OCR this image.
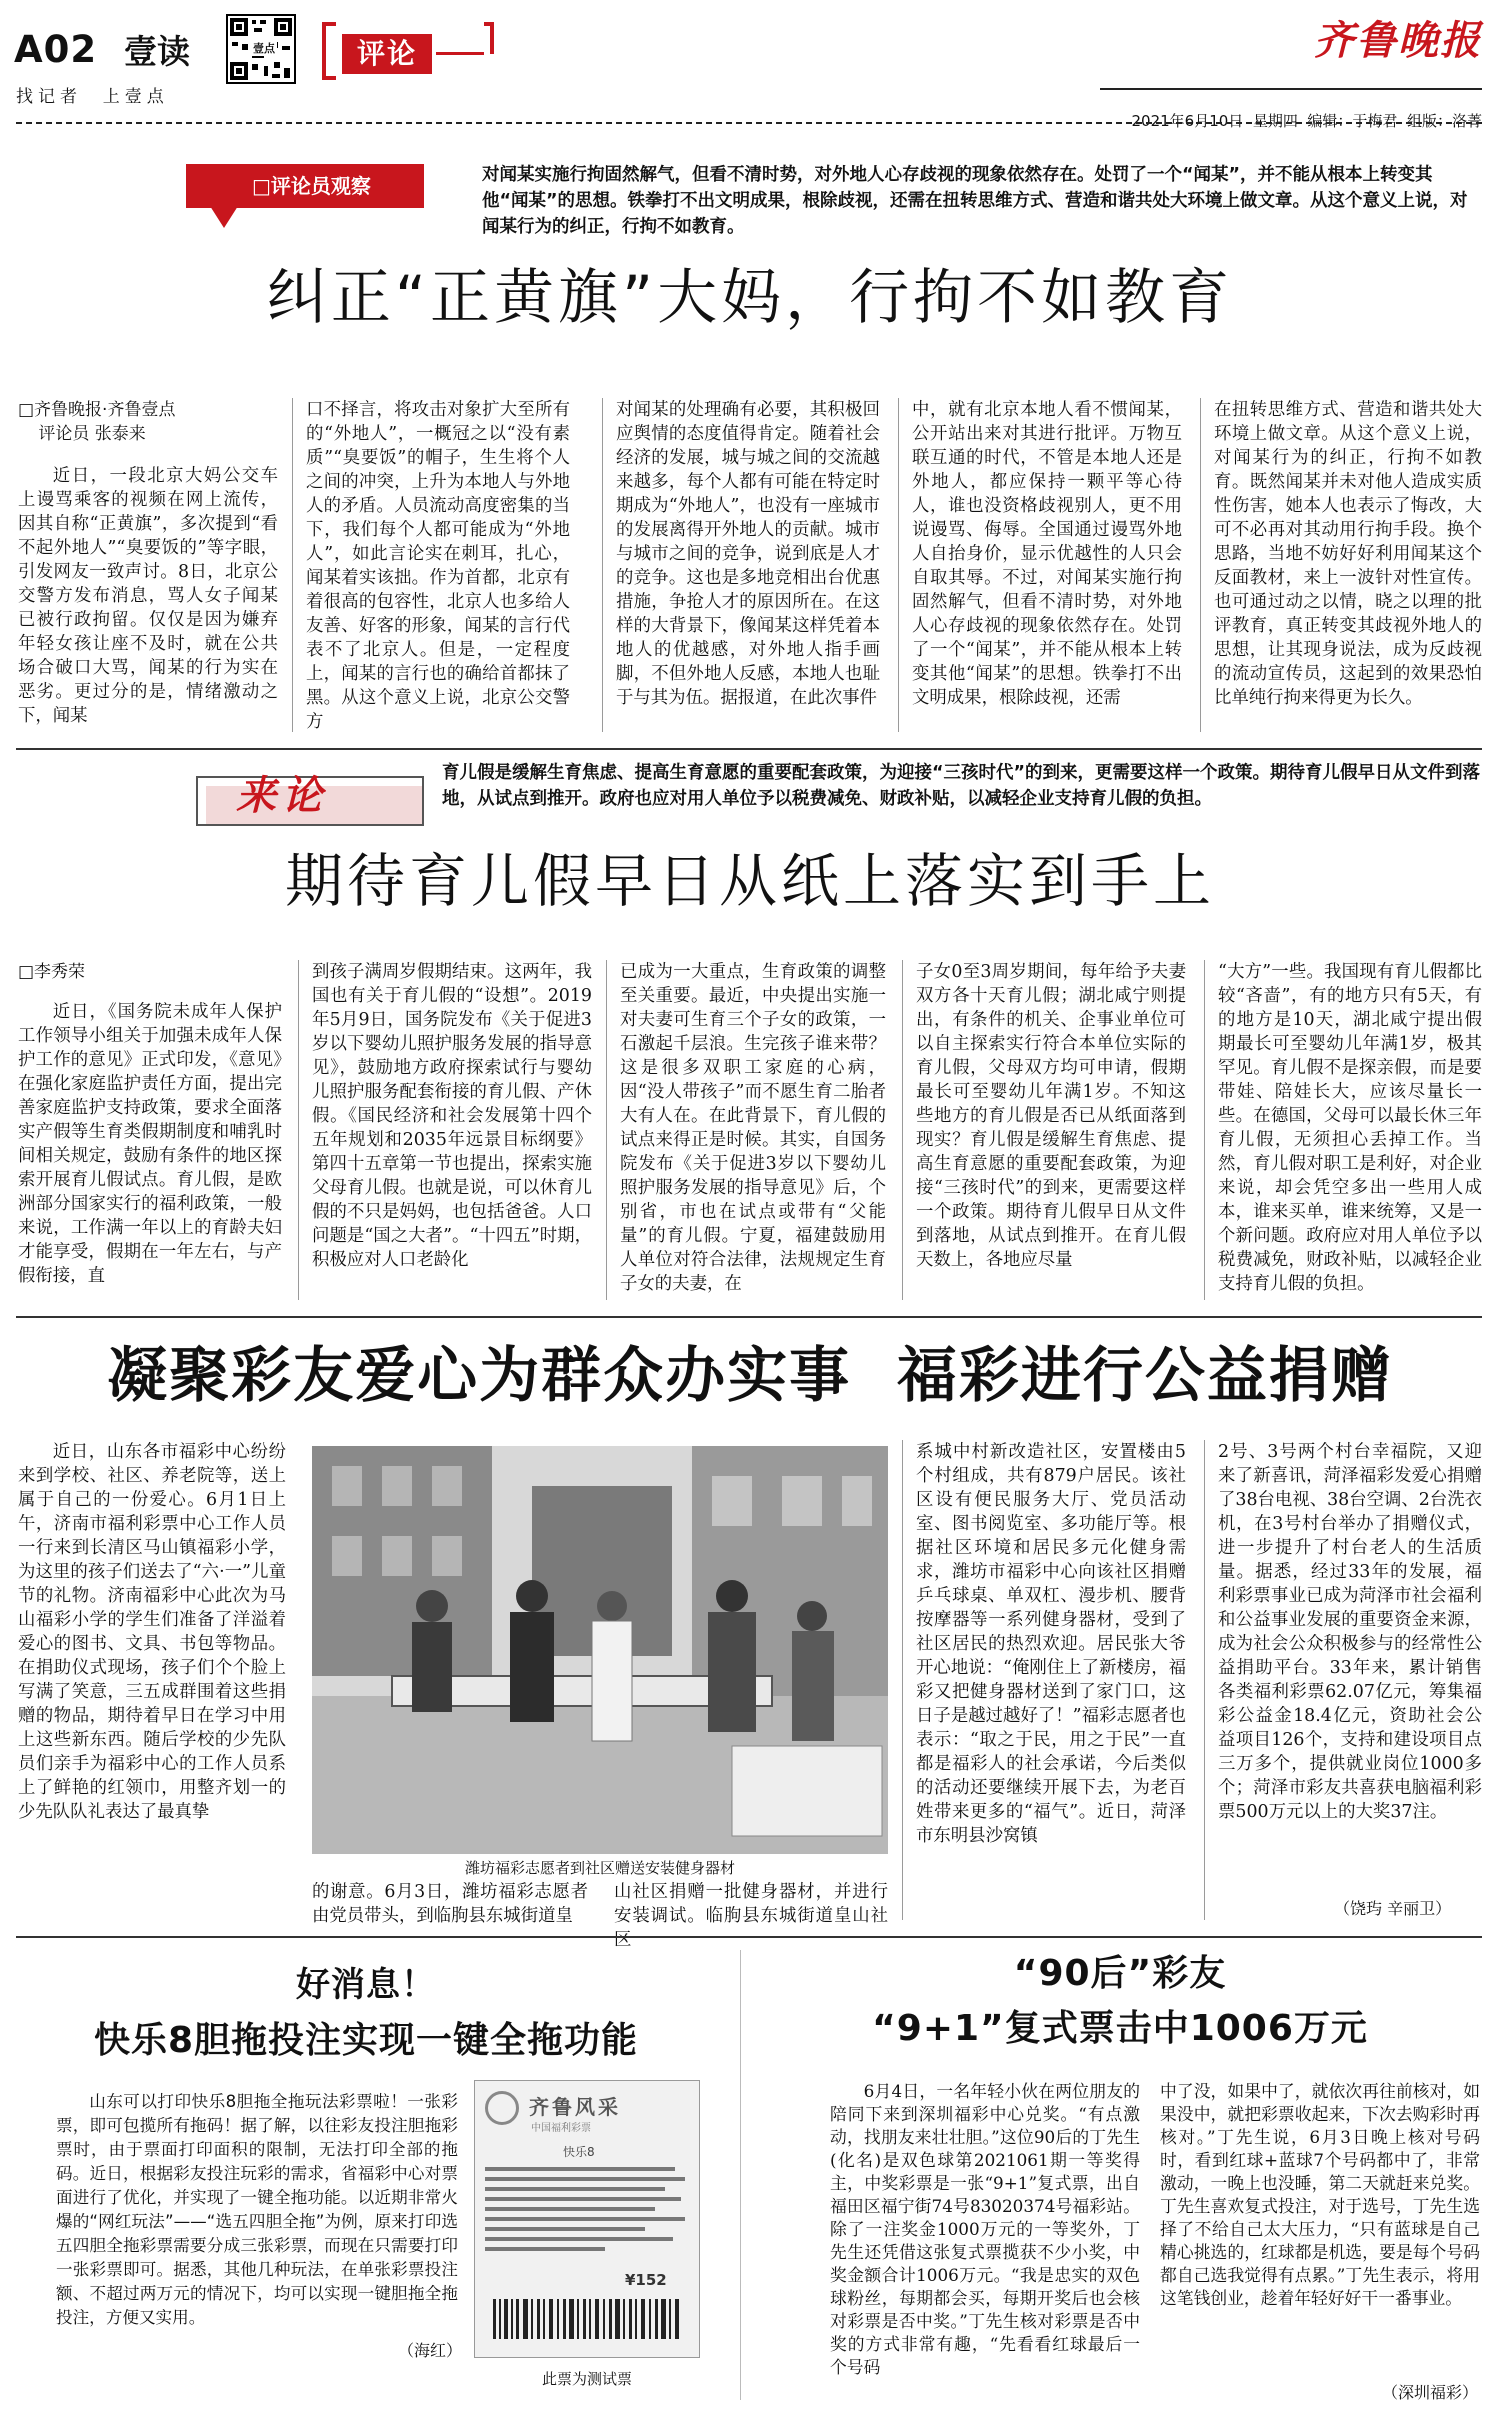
A02 壹读
找记者  上壹点
壹点	评论	齐鲁晚报

2021年6月10日 星期四 编辑：于梅君 组版：洛菁

□评论员观察	对闻某实施行拘固然解气，但看不清时势，对外地人心存歧视的现象依然存在。处罚了一个“闻某”，并不能从根本上转变其他“闻某”的思想。铁拳打不出文明成果，根除歧视，还需在扭转思维方式、营造和谐共处大环境上做文章。从这个意义上说，对闻某行为的纠正，行拘不如教育。
纠正“正黄旗”大妈，行拘不如教育
□齐鲁晚报·齐鲁壹点
评论员 张泰来

近日，一段北京大妈公交车上谩骂乘客的视频在网上流传，因其自称“正黄旗”，多次提到“看不起外地人”“臭要饭的”等字眼，引发网友一致声讨。8日，北京公交警方发布消息，骂人女子闻某已被行政拘留。仅仅是因为嫌弃年轻女孩让座不及时，就在公共场合破口大骂，闻某的行为实在恶劣。更过分的是，情绪激动之下，闻某

口不择言，将攻击对象扩大至所有的“外地人”，一概冠之以“没有素质”“臭要饭”的帽子，生生将个人之间的冲突，上升为本地人与外地人的矛盾。人员流动高度密集的当下，我们每个人都可能成为“外地人”，如此言论实在刺耳，扎心，闻某着实该拙。作为首都，北京有着很高的包容性，北京人也多给人友善、好客的形象，闻某的言行代表不了北京人。但是，一定程度上，闻某的言行也的确给首都抹了黑。从这个意义上说，北京公交警方

对闻某的处理确有必要，其积极回应舆情的态度值得肯定。随着社会经济的发展，城与城之间的交流越来越多，每个人都有可能在特定时期成为“外地人”，也没有一座城市的发展离得开外地人的贡献。城市与城市之间的竞争，说到底是人才的竞争。这也是多地竞相出台优惠措施，争抢人才的原因所在。在这样的大背景下，像闻某这样凭着本地人的优越感，对外地人指手画脚，不但外地人反感，本地人也耻于与其为伍。据报道，在此次事件

中，就有北京本地人看不惯闻某，公开站出来对其进行批评。万物互联互通的时代，不管是本地人还是外地人，都应保持一颗平等心待人，谁也没资格歧视别人，更不用说谩骂、侮辱。全国通过谩骂外地人自抬身价，显示优越性的人只会自取其辱。不过，对闻某实施行拘固然解气，但看不清时势，对外地人心存歧视的现象依然存在。处罚了一个“闻某”，并不能从根本上转变其他“闻某”的思想。铁拳打不出文明成果，根除歧视，还需

在扭转思维方式、营造和谐共处大环境上做文章。从这个意义上说，对闻某行为的纠正，行拘不如教育。既然闻某并未对他人造成实质性伤害，她本人也表示了悔改，大可不必再对其动用行拘手段。换个思路，当地不妨好好利用闻某这个反面教材，来上一波针对性宣传。也可通过动之以情，晓之以理的批评教育，真正转变其歧视外地人的思想，让其现身说法，成为反歧视的流动宣传员，这起到的效果恐怕比单纯行拘来得更为长久。

来论	育儿假是缓解生育焦虑、提高生育意愿的重要配套政策，为迎接“三孩时代”的到来，更需要这样一个政策。期待育儿假早日从文件到落地，从试点到推开。政府也应对用人单位予以税费减免、财政补贴，以减轻企业支持育儿假的负担。
期待育儿假早日从纸上落实到手上
□李秀荣

近日，《国务院未成年人保护工作领导小组关于加强未成年人保护工作的意见》正式印发，《意见》在强化家庭监护责任方面，提出完善家庭监护支持政策，要求全面落实产假等生育类假期制度和哺乳时间相关规定，鼓励有条件的地区探索开展育儿假试点。育儿假，是欧洲部分国家实行的福利政策，一般来说，工作满一年以上的育龄夫妇才能享受，假期在一年左右，与产假衔接，直

到孩子满周岁假期结束。这两年，我国也有关于育儿假的“设想”。2019年5月9日，国务院发布《关于促进3岁以下婴幼儿照护服务发展的指导意见》，鼓励地方政府探索试行与婴幼儿照护服务配套衔接的育儿假、产休假。《国民经济和社会发展第十四个五年规划和2035年远景目标纲要》第四十五章第一节也提出，探索实施父母育儿假。也就是说，可以休育儿假的不只是妈妈，也包括爸爸。人口问题是“国之大者”。“十四五”时期，积极应对人口老龄化

已成为一大重点，生育政策的调整至关重要。最近，中央提出实施一对夫妻可生育三个子女的政策，一石激起千层浪。生完孩子谁来带？这是很多双职工家庭的心病，因“没人带孩子”而不愿生育二胎者大有人在。在此背景下，育儿假的试点来得正是时候。其实，自国务院发布《关于促进3岁以下婴幼儿照护服务发展的指导意见》后，个别省，市也在试点或带有“父能量”的育儿假。宁夏，福建鼓励用人单位对符合法律，法规规定生育子女的夫妻，在

子女0至3周岁期间，每年给予夫妻双方各十天育儿假；湖北咸宁则提出，有条件的机关、企事业单位可以自主探索实行符合本单位实际的育儿假，父母双方均可申请，假期最长可至婴幼儿年满1岁。不知这些地方的育儿假是否已从纸面落到现实？育儿假是缓解生育焦虑、提高生育意愿的重要配套政策，为迎接“三孩时代”的到来，更需要这样一个政策。期待育儿假早日从文件到落地，从试点到推开。在育儿假天数上，各地应尽量

“大方”一些。我国现有育儿假都比较“吝啬”，有的地方只有5天，有的地方是10天，湖北咸宁提出假期最长可至婴幼儿年满1岁，极其罕见。育儿假不是探亲假，而是要带娃、陪娃长大，应该尽量长一些。在德国，父母可以最长休三年育儿假，无须担心丢掉工作。当然，育儿假对职工是利好，对企业来说，却会凭空多出一些用人成本，谁来买单，谁来统筹，又是一个新问题。政府应对用人单位予以税费减免，财政补贴，以减轻企业支持育儿假的负担。

凝聚彩友爱心为群众办实事  福彩进行公益捐赠

近日，山东各市福彩中心纷纷来到学校、社区、养老院等，送上属于自己的一份爱心。6月1日上午，济南市福利彩票中心工作人员一行来到长清区马山镇福彩小学，为这里的孩子们送去了“六·一”儿童节的礼物。济南福彩中心此次为马山福彩小学的学生们准备了洋溢着爱心的图书、文具、书包等物品。在捐助仪式现场，孩子们个个脸上写满了笑意，三五成群围着这些捐赠的物品，期待着早日在学习中用上这些新东西。随后学校的少先队员们亲手为福彩中心的工作人员系上了鲜艳的红领巾，用整齐划一的少先队队礼表达了最真挚

潍坊福彩志愿者到社区赠送安装健身器材

的谢意。6月3日，潍坊福彩志愿者由党员带头，到临朐县东城街道皇

山社区捐赠一批健身器材，并进行安装调试。临朐县东城街道皇山社区

系城中村新改造社区，安置楼由5个村组成，共有879户居民。该社区设有便民服务大厅、党员活动室、图书阅览室、多功能厅等。根据社区环境和居民多元化健身需求，潍坊市福彩中心向该社区捐赠乒乓球桌、单双杠、漫步机、腰背按摩器等一系列健身器材，受到了社区居民的热烈欢迎。居民张大爷开心地说：“俺刚住上了新楼房，福彩又把健身器材送到了家门口，这日子是越过越好了！”福彩志愿者也表示：“取之于民，用之于民”一直都是福彩人的社会承诺，今后类似的活动还要继续开展下去，为老百姓带来更多的“福气”。近日，菏泽市东明县沙窝镇

2号、3号两个村台幸福院，又迎来了新喜讯，菏泽福彩发爱心捐赠了38台电视、38台空调、2台洗衣机，在3号村台举办了捐赠仪式，进一步提升了村台老人的生活质量。据悉，经过33年的发展，福利彩票事业已成为菏泽市社会福利和公益事业发展的重要资金来源，成为社会公众积极参与的经常性公益捐助平台。33年来，累计销售各类福利彩票62.07亿元，筹集福彩公益金18.4亿元，资助社会公益项目126个，支持和建设项目点三万多个，提供就业岗位1000多个；菏泽市彩友共喜获电脑福利彩票500万元以上的大奖37注。

（饶玙 辛丽卫）
好消息！
快乐8胆拖投注实现一键全拖功能

山东可以打印快乐8胆拖全拖玩法彩票啦！一张彩票，即可包揽所有拖码！据了解，以往彩友投注胆拖彩票时，由于票面打印面积的限制，无法打印全部的拖码。近日，根据彩友投注玩彩的需求，省福彩中心对票面进行了优化，并实现了一键全拖功能。以近期非常火爆的“网红玩法”——“选五四胆全拖”为例，原来打印选五四胆全拖彩票需要分成三张彩票，而现在只需要打印一张彩票即可。据悉，其他几种玩法，在单张彩票投注额、不超过两万元的情况下，均可以实现一键胆拖全拖投注，方便又实用。

（海红）
齐鲁风采
中国福利彩票
快乐8
¥152
此票为测试票
“90后”彩友
“9+1”复式票击中1006万元

6月4日，一名年轻小伙在两位朋友的陪同下来到深圳福彩中心兑奖。“有点激动，找朋友来壮壮胆。”这位90后的丁先生(化名)是双色球第2021061期一等奖得主，中奖彩票是一张“9+1”复式票，出自福田区福宁街74号83020374号福彩站。除了一注奖金1000万元的一等奖外，丁先生还凭借这张复式票揽获不少小奖，中奖金额合计1006万元。“我是忠实的双色球粉丝，每期都会买，每期开奖后也会核对彩票是否中奖。”丁先生核对彩票是否中奖的方式非常有趣，“先看看红球最后一个号码

中了没，如果中了，就依次再往前核对，如果没中，就把彩票收起来，下次去购彩时再核对。”丁先生说，6月3日晚上核对号码时，看到红球+蓝球7个号码都中了，非常激动，一晚上也没睡，第二天就赶来兑奖。丁先生喜欢复式投注，对于选号，丁先生选择了不给自己太大压力，“只有蓝球是自己精心挑选的，红球都是机选，要是每个号码都自己选我觉得有点累。”丁先生表示，将用这笔钱创业，趁着年轻好好干一番事业。

（深圳福彩）
